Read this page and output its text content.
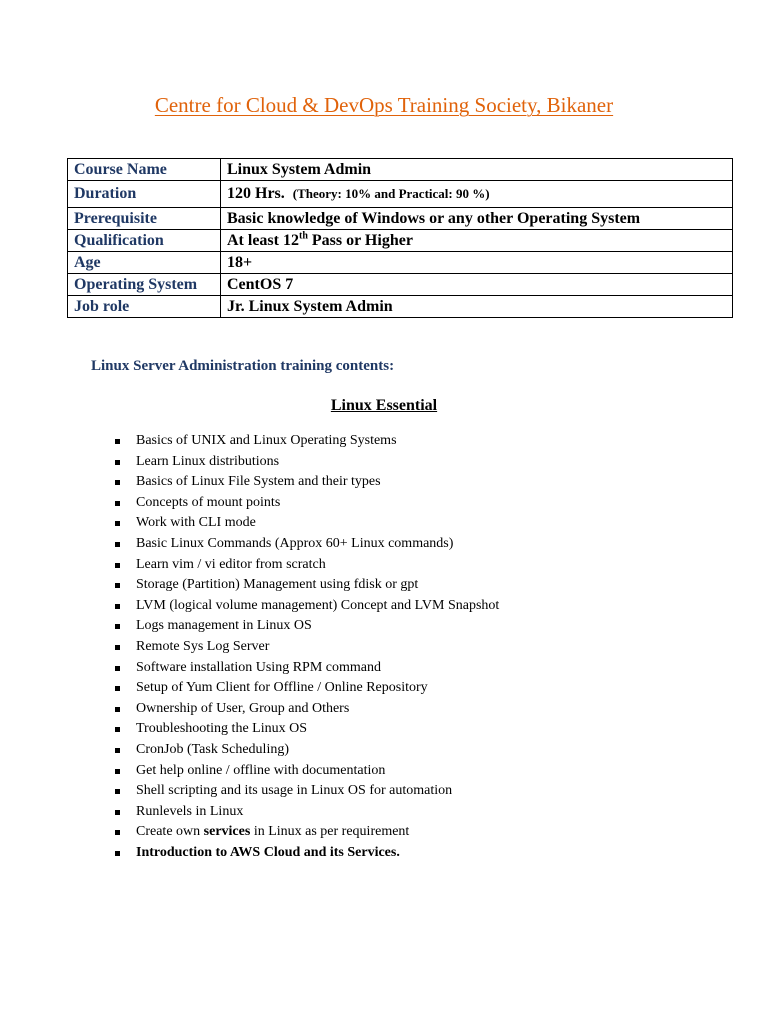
Centre for Cloud & DevOps Training Society, Bikaner
Course Name	Linux System Admin
Duration	120 Hrs. (Theory: 10% and Practical: 90 %)
Prerequisite	Basic knowledge of Windows or any other Operating System
Qualification	At least 12th Pass or Higher
Age	18+
Operating System	CentOS 7
Job role	Jr. Linux System Admin
Linux Server Administration training contents:
Linux Essential
Basics of UNIX and Linux Operating Systems
Learn Linux distributions
Basics of Linux File System and their types
Concepts of mount points
Work with CLI mode
Basic Linux Commands (Approx 60+ Linux commands)
Learn vim / vi editor from scratch
Storage (Partition) Management using fdisk or gpt
LVM (logical volume management) Concept and LVM Snapshot
Logs management in Linux OS
Remote Sys Log Server
Software installation Using RPM command
Setup of Yum Client for Offline / Online Repository
Ownership of User, Group and Others
Troubleshooting the Linux OS
CronJob (Task Scheduling)
Get help online / offline with documentation
Shell scripting and its usage in Linux OS for automation
Runlevels in Linux
Create own services in Linux as per requirement
Introduction to AWS Cloud and its Services.
